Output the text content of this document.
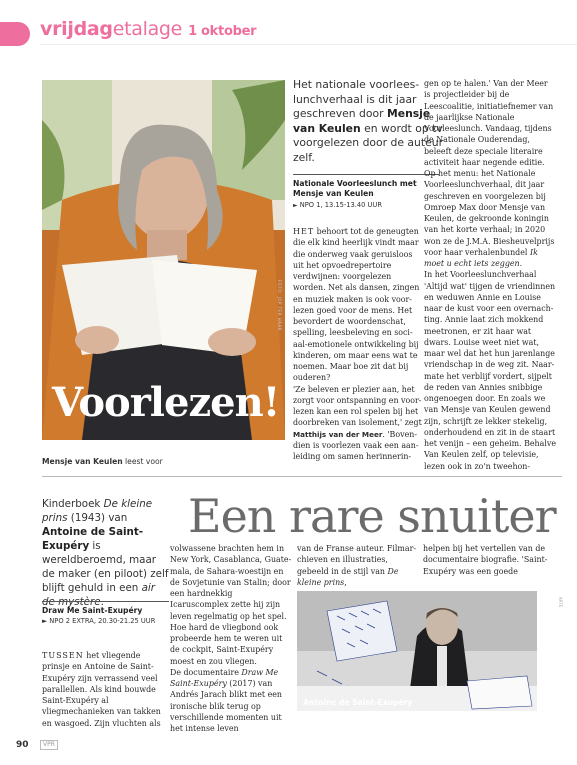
vrijdagetalage 1 oktober
Voorlezen!
FOTO: JOP TER HAAR
Mensje van Keulen leest voor
Het nationale voorleeslunchverhaal is dit jaar geschreven door Mensje van Keulen en wordt op tv voorgelezen door de auteur zelf.
Nationale Voorleeslunch met Mensje van Keulen
► NPO 1, 13.15-13.40 UUR

HET behoort tot de geneugten die elk kind heerlijk vindt maar die onderweg vaak geruisloos uit het opvoedrepertoire verdwijnen: voorgelezen worden. Net als dansen, zingen en muziek maken is ook voorlezen goed voor de mens. Het bevordert de woordenschat, spelling, leesbeleving en sociaal-emotionele ontwikkeling bij kinderen, om maar eens wat te noemen. Maar boe zit dat bij ouderen?

'Ze beleven er plezier aan, het zorgt voor ontspanning en voorlezen kan een rol spelen bij het doorbreken van isolement,' zegt Matthijs van der Meer. 'Bovendien is voorlezen vaak een aanleiding om samen herinnerin-

gen op te halen.' Van der Meer is projectleider bij de Leescoalitie, initiatiefnemer van de jaarlijkse Nationale Voorleeslunch. Vandaag, tijdens de Nationale Ouderendag, beleeft deze speciale literaire activiteit haar negende editie. Op het menu: het Nationale Voorleeslunchverhaal, dit jaar geschreven en voorgelezen bij Omroep Max door Mensje van Keulen, de gekroonde koningin van het korte verhaal; in 2020 won ze de J.M.A. Biesheuvelprijs voor haar verhalenbundel Ik moet u echt iets zeggen.

In het Voorleeslunchverhaal 'Altijd wat' tijgen de vriendinnen en weduwen Annie en Louise naar de kust voor een overnachting. Annie laat zich mokkend meetronen, er zit haar wat dwars. Louise weet niet wat, maar wel dat het hun jarenlange vriendschap in de weg zit. Naarmate het verblijf vordert, sijpelt de reden van Annies snibbige ongenoegen door. En zoals we van Mensje van Keulen gewend zijn, schrijft ze lekker stekelig, onderhoudend en zit in de staart het venijn – een geheim. Behalve Van Keulen zelf, op televisie, lezen ook in zo'n tweehon-

Kinderboek De kleine prins (1943) van Antoine de Saint-Exupéry is wereldberoemd, maar de maker (en piloot) zelf blijft gehuld in een air de mystère.
Draw Me Saint-Exupéry
► NPO 2 EXTRA, 20.30-21.25 UUR

TUSSEN het vliegende prinsje en Antoine de Saint-Exupéry zijn verrassend veel parallellen. Als kind bouwde Saint-Exupéry al vliegmechanieken van takken en wasgoed. Zijn vluchten als

Een rare snuiter

volwassene brachten hem in New York, Casablanca, Guatemala, de Sahara-woestijn en de Sovjetunie van Stalin; door een hardnekkig Icaruscomplex zette hij zijn leven regelmatig op het spel. Hoe hard de vliegbond ook probeerde hem te weren uit de cockpit, Saint-Exupéry moest en zou vliegen.

De documentaire Draw Me Saint-Exupéry (2017) van Andrés Jarach blikt met een ironische blik terug op verschillende momenten uit het intense leven

van de Franse auteur. Filmarchieven en illustraties, gebeeld in de stijl van De kleine prins,

helpen bij het vertellen van de documentaire biografie. 'Saint-Exupéry was een goede

Antoine de Saint-Exupéry
ARTE
90	VPR
